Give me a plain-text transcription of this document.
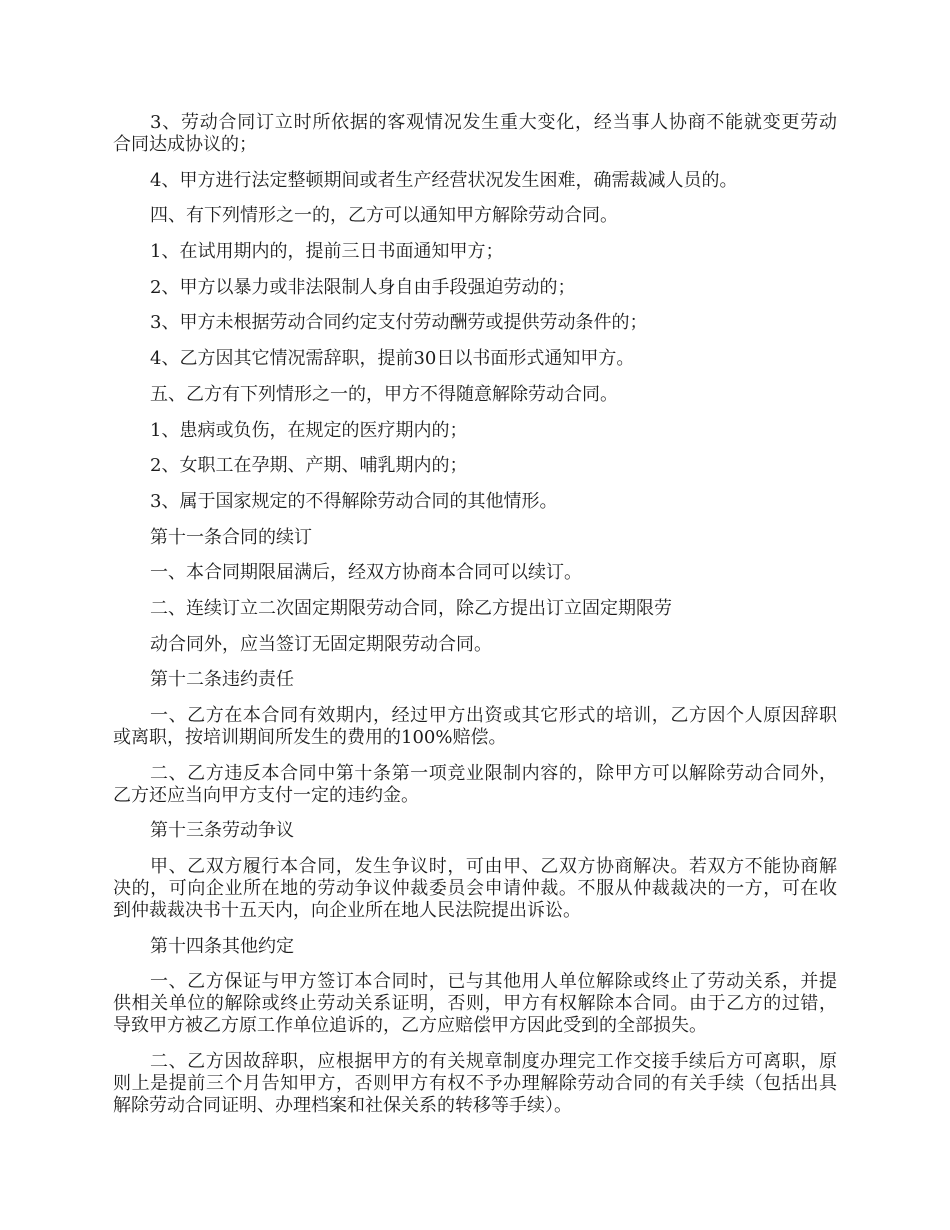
3、劳动合同订立时所依据的客观情况发生重大变化，经当事人协商不能就变更劳动
合同达成协议的；
4、甲方进行法定整顿期间或者生产经营状况发生困难，确需裁减人员的。
四、有下列情形之一的，乙方可以通知甲方解除劳动合同。
1、在试用期内的，提前三日书面通知甲方；
2、甲方以暴力或非法限制人身自由手段强迫劳动的；
3、甲方未根据劳动合同约定支付劳动酬劳或提供劳动条件的；
4、乙方因其它情况需辞职，提前30日以书面形式通知甲方。
五、乙方有下列情形之一的，甲方不得随意解除劳动合同。
1、患病或负伤，在规定的医疗期内的；
2、女职工在孕期、产期、哺乳期内的；
3、属于国家规定的不得解除劳动合同的其他情形。
第十一条合同的续订
一、本合同期限届满后，经双方协商本合同可以续订。
二、连续订立二次固定期限劳动合同，除乙方提出订立固定期限劳
动合同外，应当签订无固定期限劳动合同。
第十二条违约责任
一、乙方在本合同有效期内，经过甲方出资或其它形式的培训，乙方因个人原因辞职
或离职，按培训期间所发生的费用的100%赔偿。
二、乙方违反本合同中第十条第一项竞业限制内容的，除甲方可以解除劳动合同外，
乙方还应当向甲方支付一定的违约金。
第十三条劳动争议
甲、乙双方履行本合同，发生争议时，可由甲、乙双方协商解决。若双方不能协商解
决的，可向企业所在地的劳动争议仲裁委员会申请仲裁。不服从仲裁裁决的一方，可在收
到仲裁裁决书十五天内，向企业所在地人民法院提出诉讼。
第十四条其他约定
一、乙方保证与甲方签订本合同时，已与其他用人单位解除或终止了劳动关系，并提
供相关单位的解除或终止劳动关系证明，否则，甲方有权解除本合同。由于乙方的过错，
导致甲方被乙方原工作单位追诉的，乙方应赔偿甲方因此受到的全部损失。
二、乙方因故辞职，应根据甲方的有关规章制度办理完工作交接手续后方可离职，原
则上是提前三个月告知甲方，否则甲方有权不予办理解除劳动合同的有关手续（包括出具
解除劳动合同证明、办理档案和社保关系的转移等手续）。
